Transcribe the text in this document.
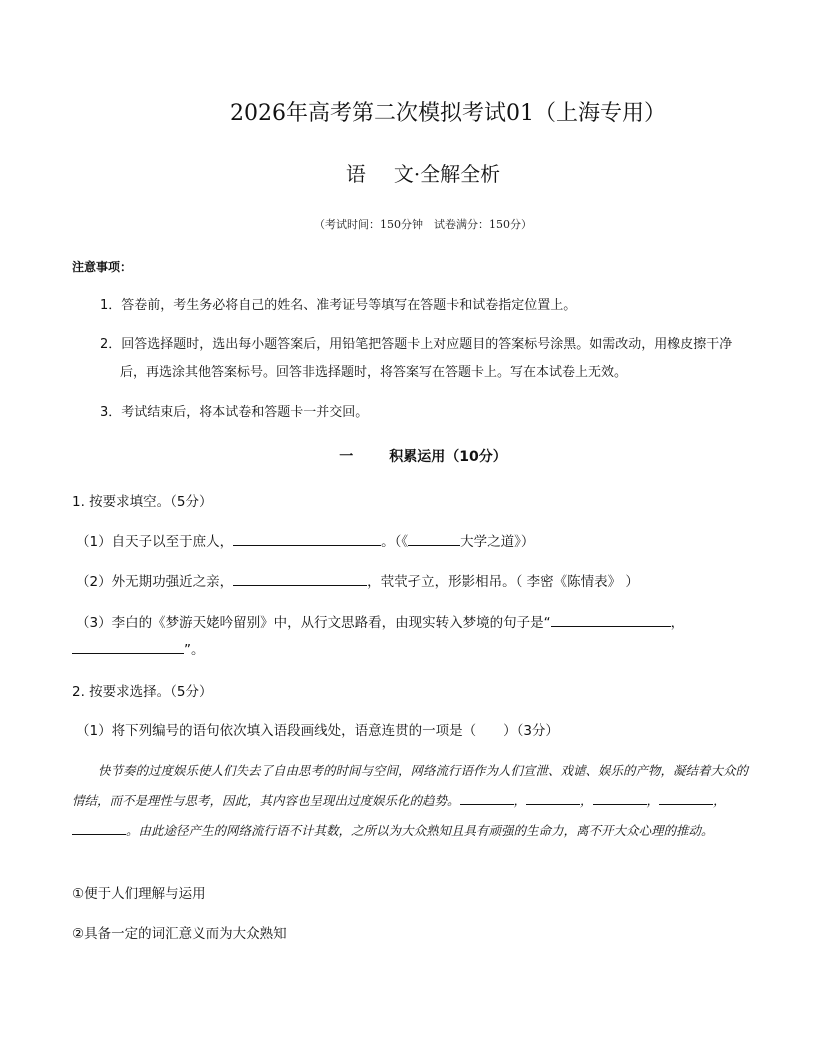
2026年高考第二次模拟考试01（上海专用）
语 文·全解全析
（考试时间：150分钟　试卷满分：150分）
注意事项：
1．答卷前，考生务必将自己的姓名、准考证号等填写在答题卡和试卷指定位置上。
2．回答选择题时，选出每小题答案后，用铅笔把答题卡上对应题目的答案标号涂黑。如需改动，用橡皮擦干净后，再选涂其他答案标号。回答非选择题时，将答案写在答题卡上。写在本试卷上无效。
3．考试结束后，将本试卷和答题卡一并交回。
一	积累运用（10分）
1. 按要求填空。（5分）
（1）自天子以至于庶人，	。（《	大学之道》）
（2）外无期功强近之亲，	，茕茕孑立，形影相吊。（ 李密《陈情表》 ）
（3）李白的《梦游天姥吟留别》中，从行文思路看，由现实转入梦境的句子是“	，
”。
2. 按要求选择。（5分）
（1）将下列编号的语句依次填入语段画线处，语意连贯的一项是（　　）（3分）
快节奏的过度娱乐使人们失去了自由思考的时间与空间，网络流行语作为人们宣泄、戏谑、娱乐的产物，凝结着大众的情结，而不是理性与思考，因此，其内容也呈现出过度娱乐化的趋势。	，	，	，	，。由此途径产生的网络流行语不计其数，之所以为大众熟知且具有顽强的生命力，离不开大众心理的推动。
①便于人们理解与运用
②具备一定的词汇意义而为大众熟知
